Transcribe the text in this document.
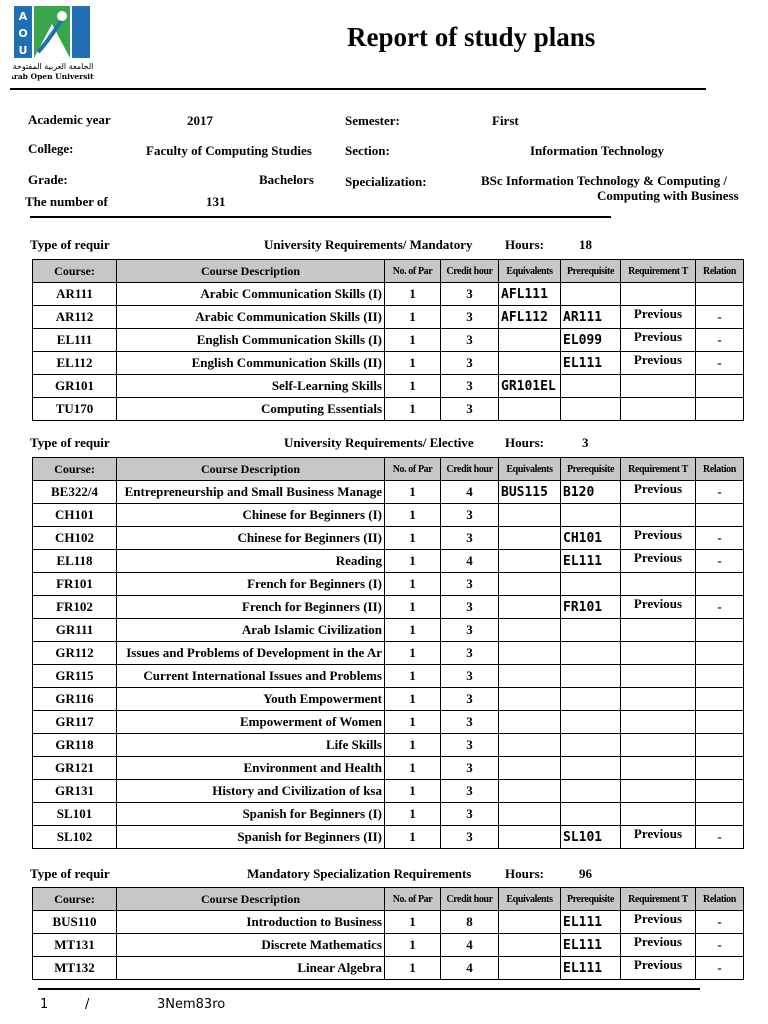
A
O
U
الجامعة العربية المفتوحة
Arab Open University
Report of study plans
Academic year	2017	Semester:	First
College:	Faculty of Computing Studies	Section:	Information Technology
Grade:	Bachelors Specialization:	BSc Information Technology & Computing /
Computing with Business
The number of	131
Type of requir	University Requirements/ Mandatory	Hours:	18
Course:	Course Description	No. of Par	Credit hour	Equivalents	Prerequisite	Requirement T	Relation
AR111	Arabic Communication Skills (I)	1	3	AFL111			
AR112	Arabic Communication Skills (II)	1	3	AFL112	AR111	Previous	-
EL111	English Communication Skills (I)	1	3		EL099	Previous	-
EL112	English Communication Skills (II)	1	3		EL111	Previous	-
GR101	Self-Learning Skills	1	3	GR101EL			
TU170	Computing Essentials	1	3				
Type of requir	University Requirements/ Elective Hours:	3
Course:	Course Description	No. of Par	Credit hour	Equivalents	Prerequisite	Requirement T	Relation
BE322/4	Entrepreneurship and Small Business Manage	1	4	BUS115	B120	Previous	-
CH101	Chinese for Beginners (I)	1	3				
CH102	Chinese for Beginners (II)	1	3		CH101	Previous	-
EL118	Reading	1	4		EL111	Previous	-
FR101	French for Beginners (I)	1	3				
FR102	French for Beginners (II)	1	3		FR101	Previous	-
GR111	Arab Islamic Civilization	1	3				
GR112	Issues and Problems of Development in the Ar	1	3				
GR115	Current International Issues and Problems	1	3				
GR116	Youth Empowerment	1	3				
GR117	Empowerment of Women	1	3				
GR118	Life Skills	1	3				
GR121	Environment and Health	1	3				
GR131	History and Civilization of ksa	1	3				
SL101	Spanish for Beginners (I)	1	3				
SL102	Spanish for Beginners (II)	1	3		SL101	Previous	-
Type of requir	Mandatory Specialization Requirements	Hours:	96
Course:	Course Description	No. of Par	Credit hour	Equivalents	Prerequisite	Requirement T	Relation
BUS110	Introduction to Business	1	8		EL111	Previous	-
MT131	Discrete Mathematics	1	4		EL111	Previous	-
MT132	Linear Algebra	1	4		EL111	Previous	-
1	/	3Nem83ro
